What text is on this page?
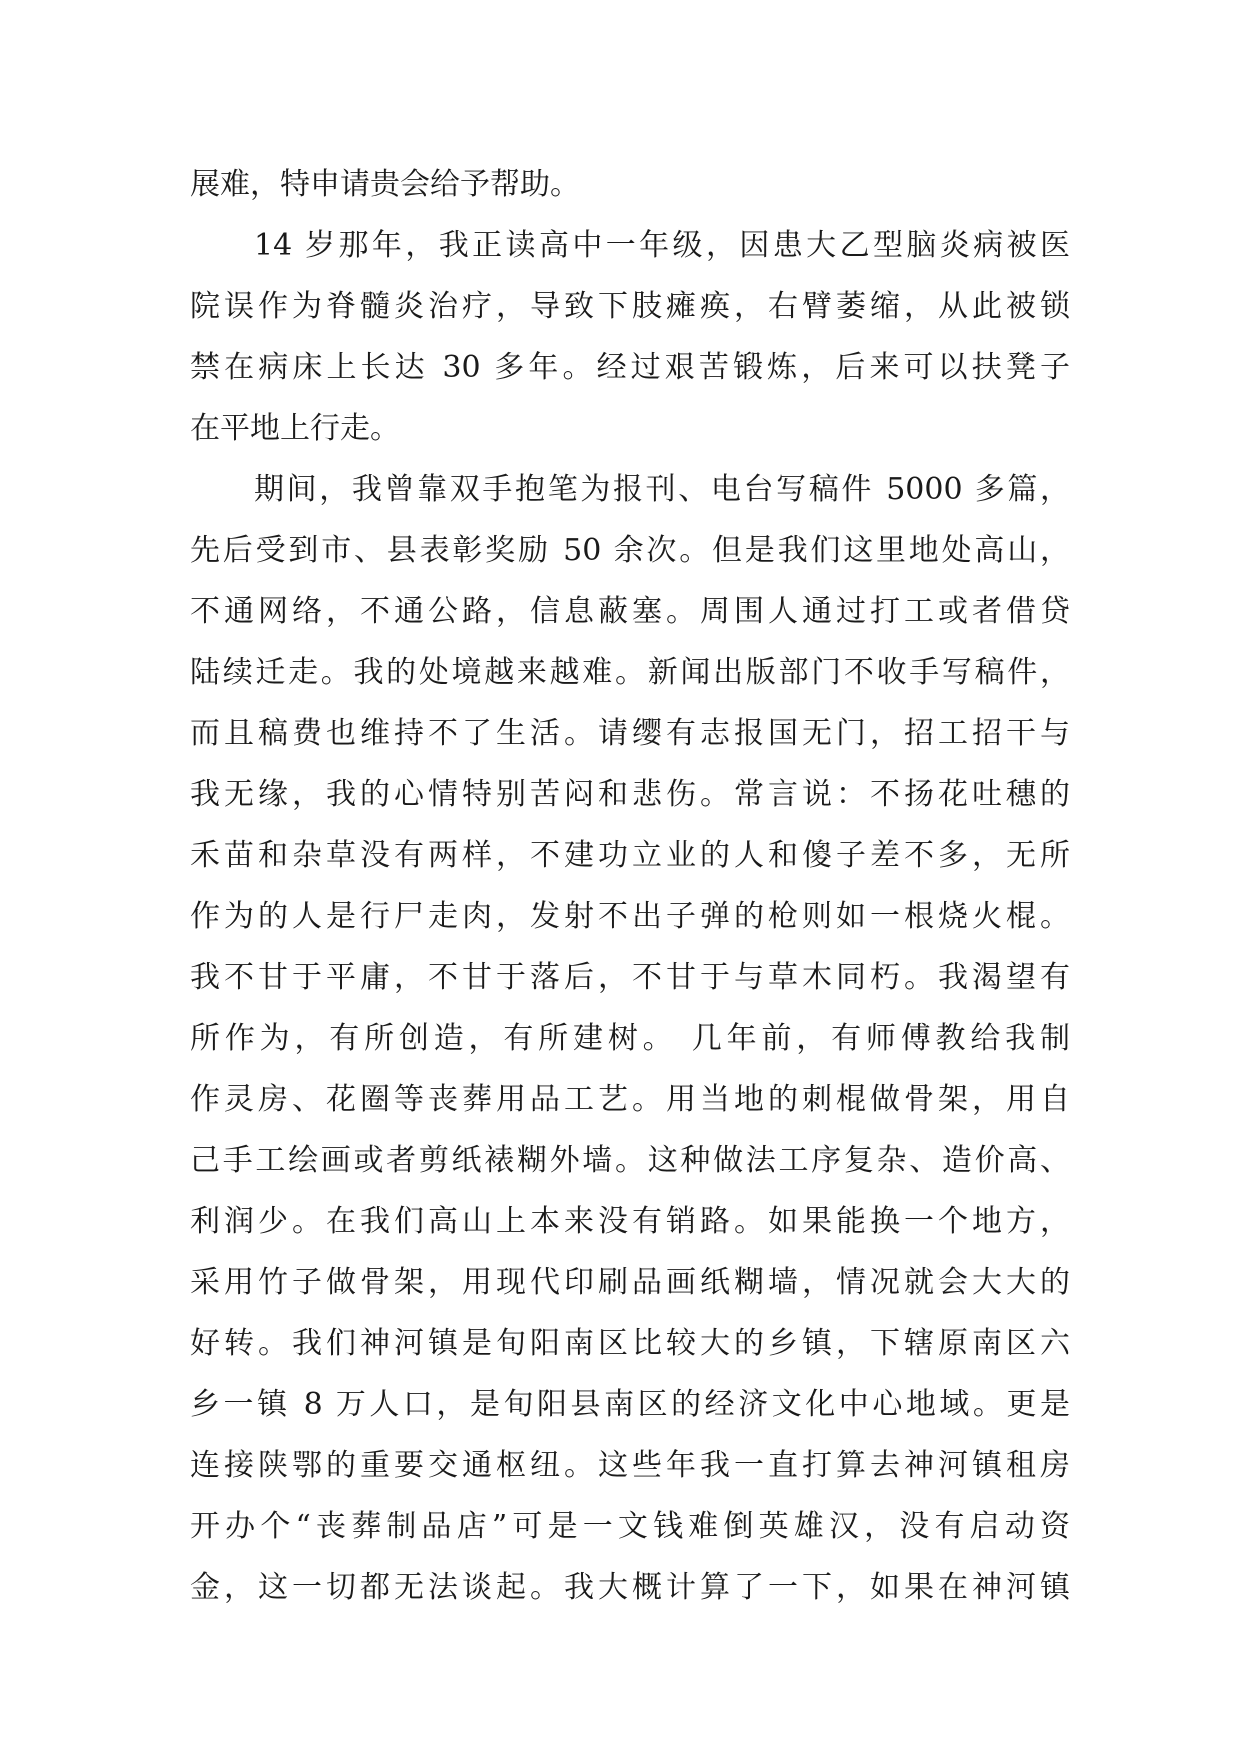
展难，特申请贵会给予帮助。
14 岁那年，我正读高中一年级，因患大乙型脑炎病被医
院误作为脊髓炎治疗，导致下肢瘫痪，右臂萎缩，从此被锁
禁在病床上长达 30 多年。经过艰苦锻炼，后来可以扶凳子
在平地上行走。
期间，我曾靠双手抱笔为报刊、电台写稿件 5000 多篇，
先后受到市、县表彰奖励 50 余次。但是我们这里地处高山，
不通网络，不通公路，信息蔽塞。周围人通过打工或者借贷
陆续迁走。我的处境越来越难。新闻出版部门不收手写稿件，
而且稿费也维持不了生活。请缨有志报国无门，招工招干与
我无缘，我的心情特别苦闷和悲伤。常言说：不扬花吐穗的
禾苗和杂草没有两样，不建功立业的人和傻子差不多，无所
作为的人是行尸走肉，发射不出子弹的枪则如一根烧火棍。
我不甘于平庸，不甘于落后，不甘于与草木同朽。我渴望有
所作为，有所创造，有所建树。 几年前，有师傅教给我制
作灵房、花圈等丧葬用品工艺。用当地的刺棍做骨架，用自
己手工绘画或者剪纸裱糊外墙。这种做法工序复杂、造价高、
利润少。在我们高山上本来没有销路。如果能换一个地方，
采用竹子做骨架，用现代印刷品画纸糊墙，情况就会大大的
好转。我们神河镇是旬阳南区比较大的乡镇，下辖原南区六
乡一镇 8 万人口，是旬阳县南区的经济文化中心地域。更是
连接陕鄂的重要交通枢纽。这些年我一直打算去神河镇租房
开办个“丧葬制品店”可是一文钱难倒英雄汉，没有启动资
金，这一切都无法谈起。我大概计算了一下，如果在神河镇
